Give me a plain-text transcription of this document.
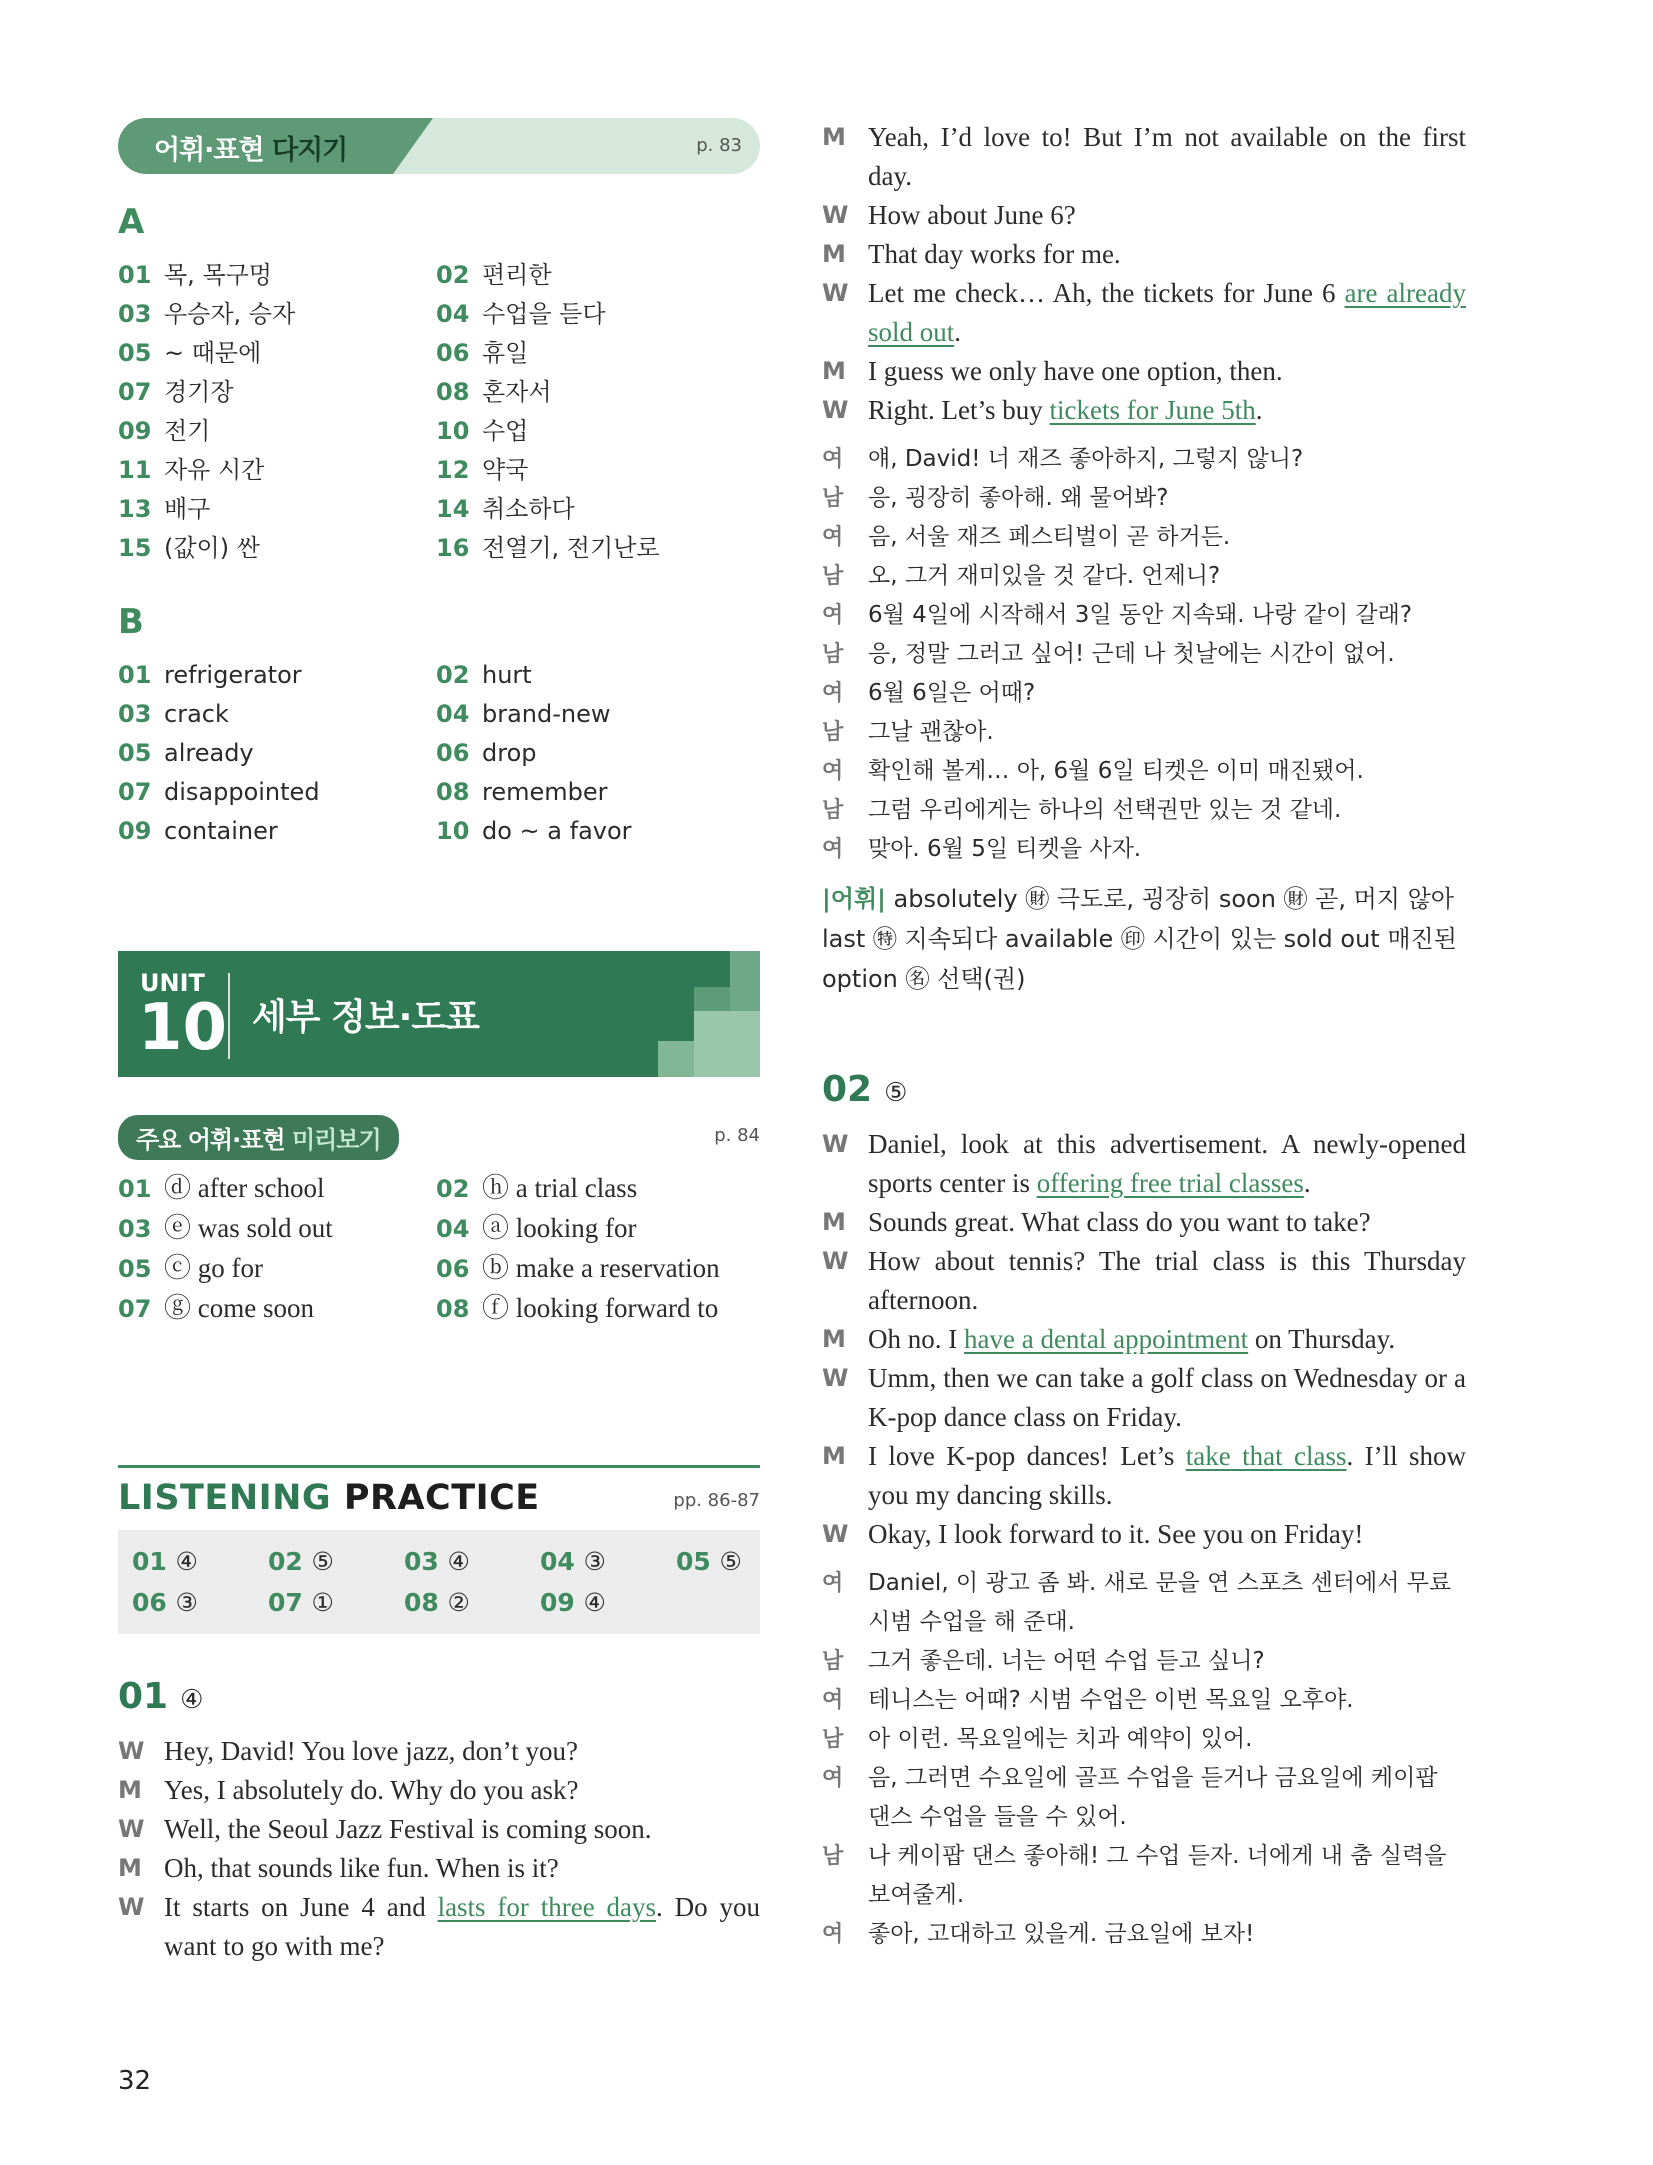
어휘·표현 다지기	p. 83
A
01 목, 목구멍	02 편리한
03 우승자, 승자	04 수업을 듣다
05 ~ 때문에	06 휴일
07 경기장	08 혼자서
09 전기	10 수업
11 자유 시간	12 약국
13 배구	14 취소하다
15 (값이) 싼	16 전열기, 전기난로
B
01 refrigerator	02 hurt
03 crack	04 brand-new
05 already	06 drop
07 disappointed	08 remember
09 container	10 do ~ a favor
UNIT
10 세부 정보·도표
주요 어휘·표현 미리보기	p. 84
01 ⓓ after school	02 ⓗ a trial class
03 ⓔ was sold out	04 ⓐ looking for
05 ⓒ go for	06 ⓑ make a reservation
07 ⓖ come soon	08 ⓕ looking forward to
LISTENING PRACTICE	pp. 86-87
01 ④	02 ⑤	03 ④	04 ③	05 ⑤
06 ③	07 ①	08 ②	09 ④
01 ④
W Hey, David! You love jazz, don’t you?
M Yes, I absolutely do. Why do you ask?
W Well, the Seoul Jazz Festival is coming soon.
M Oh, that sounds like fun. When is it?
W It starts on June 4 and lasts for three days. Do you want to go with me?
M Yeah, I’d love to! But I’m not available on the first day.
W How about June 6?
M That day works for me.
W Let me check… Ah, the tickets for June 6 are already sold out.
M I guess we only have one option, then.
W Right. Let’s buy tickets for June 5th.
여	얘, David! 너 재즈 좋아하지, 그렇지 않니?
남	응, 굉장히 좋아해. 왜 물어봐?
여	음, 서울 재즈 페스티벌이 곧 하거든.
남	오, 그거 재미있을 것 같다. 언제니?
여	6월 4일에 시작해서 3일 동안 지속돼. 나랑 같이 갈래?
남	응, 정말 그러고 싶어! 근데 나 첫날에는 시간이 없어.
여	6월 6일은 어때?
남	그날 괜찮아.
여	확인해 볼게… 아, 6월 6일 티켓은 이미 매진됐어.
남	그럼 우리에게는 하나의 선택권만 있는 것 같네.
여	맞아. 6월 5일 티켓을 사자.
|어휘| absolutely ㊖ 극도로, 굉장히 soon ㊖ 곧, 머지 않아
last ㊕ 지속되다 available ㊞ 시간이 있는 sold out 매진된
option ㊔ 선택(권)
02 ⑤
W Daniel, look at this advertisement. A newly-opened sports center is offering free trial classes.
M Sounds great. What class do you want to take?
W How about tennis? The trial class is this Thursday afternoon.
M Oh no. I have a dental appointment on Thursday.
W Umm, then we can take a golf class on Wednesday or a K-pop dance class on Friday.
M I love K-pop dances! Let’s take that class. I’ll show you my dancing skills.
W Okay, I look forward to it. See you on Friday!
여	Daniel, 이 광고 좀 봐. 새로 문을 연 스포츠 센터에서 무료 시범 수업을 해 준대.
남	그거 좋은데. 너는 어떤 수업 듣고 싶니?
여	테니스는 어때? 시범 수업은 이번 목요일 오후야.
남	아 이런. 목요일에는 치과 예약이 있어.
여	음, 그러면 수요일에 골프 수업을 듣거나 금요일에 케이팝 댄스 수업을 들을 수 있어.
남	나 케이팝 댄스 좋아해! 그 수업 듣자. 너에게 내 춤 실력을 보여줄게.
여	좋아, 고대하고 있을게. 금요일에 보자!
32
